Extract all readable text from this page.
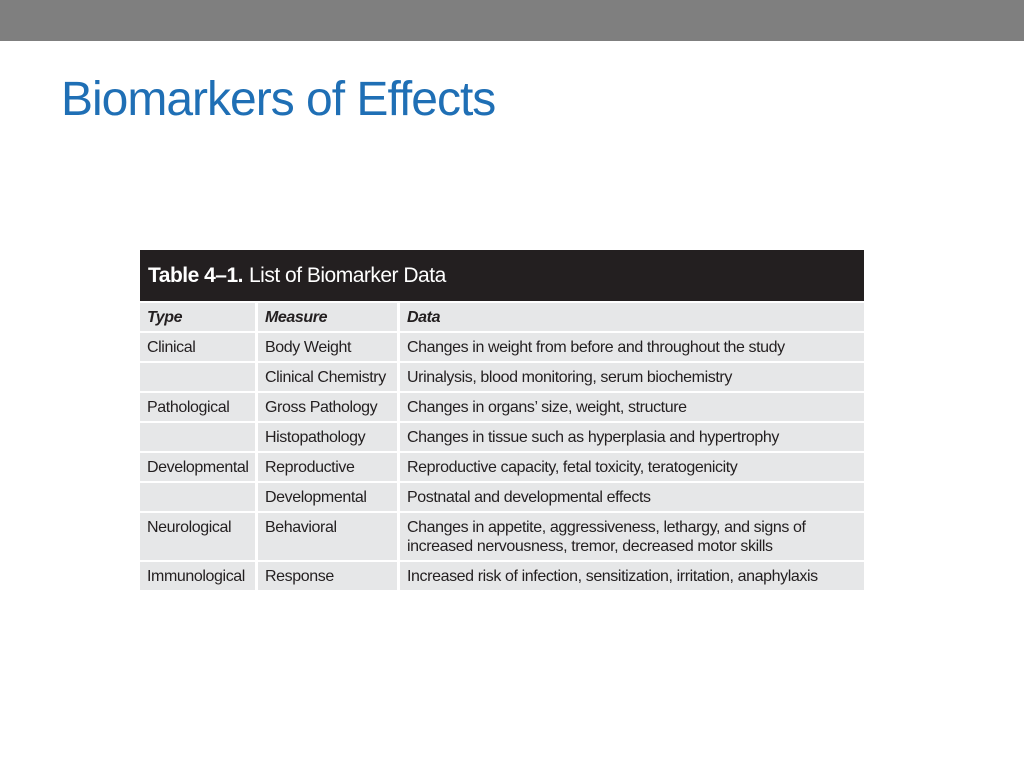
Biomarkers of Effects
Table 4–1. List of Biomarker Data
Type	Measure	Data
Clinical	Body Weight	Changes in weight from before and throughout the study
	Clinical Chemistry	Urinalysis, blood monitoring, serum biochemistry
Pathological	Gross Pathology	Changes in organs’ size, weight, structure
	Histopathology	Changes in tissue such as hyperplasia and hypertrophy
Developmental	Reproductive	Reproductive capacity, fetal toxicity, teratogenicity
	Developmental	Postnatal and developmental effects
Neurological	Behavioral	Changes in appetite, aggressiveness, lethargy, and signs of increased nervousness, tremor, decreased motor skills
Immunological	Response	Increased risk of infection, sensitization, irritation, anaphylaxis
